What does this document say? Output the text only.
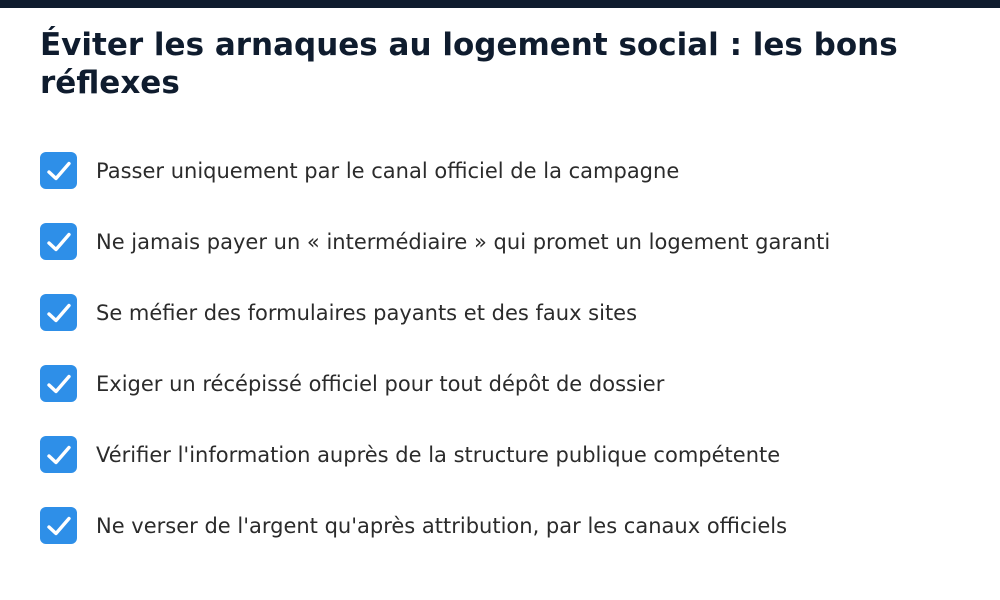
Éviter les arnaques au logement social : les bons réflexes
Passer uniquement par le canal officiel de la campagne
Ne jamais payer un « intermédiaire » qui promet un logement garanti
Se méfier des formulaires payants et des faux sites
Exiger un récépissé officiel pour tout dépôt de dossier
Vérifier l'information auprès de la structure publique compétente
Ne verser de l'argent qu'après attribution, par les canaux officiels
